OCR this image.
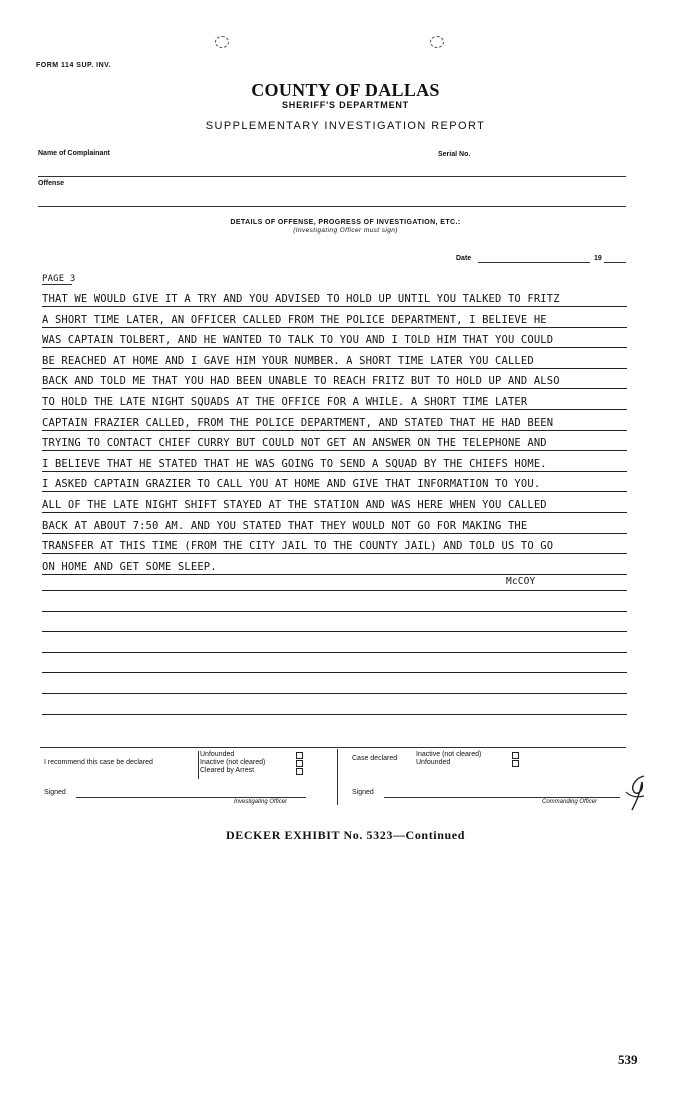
FORM 114 SUP. INV.
COUNTY OF DALLAS
SHERIFF'S DEPARTMENT
SUPPLEMENTARY INVESTIGATION REPORT
Name of Complainant	Serial No.
Offense
DETAILS OF OFFENSE, PROGRESS OF INVESTIGATION, ETC.:
(Investigating Officer must sign)
Date	19
PAGE 3
THAT WE WOULD GIVE IT A TRY AND YOU ADVISED TO HOLD UP UNTIL YOU TALKED TO FRITZ
A SHORT TIME LATER, AN OFFICER CALLED FROM THE POLICE DEPARTMENT, I BELIEVE HE
WAS CAPTAIN TOLBERT, AND HE WANTED TO TALK TO YOU AND I TOLD HIM THAT YOU COULD
BE REACHED AT HOME AND I GAVE HIM YOUR NUMBER. A SHORT TIME LATER YOU CALLED
BACK AND TOLD ME THAT YOU HAD BEEN UNABLE TO REACH FRITZ BUT TO HOLD UP AND ALSO
TO HOLD THE LATE NIGHT SQUADS AT THE OFFICE FOR A WHILE. A SHORT TIME LATER
CAPTAIN FRAZIER CALLED, FROM THE POLICE DEPARTMENT, AND STATED THAT HE HAD BEEN
TRYING TO CONTACT CHIEF CURRY BUT COULD NOT GET AN ANSWER ON THE TELEPHONE AND
I BELIEVE THAT HE STATED THAT HE WAS GOING TO SEND A SQUAD BY THE CHIEFS HOME.
I ASKED CAPTAIN GRAZIER TO CALL YOU AT HOME AND GIVE THAT INFORMATION TO YOU.
ALL OF THE LATE NIGHT SHIFT STAYED AT THE STATION AND WAS HERE WHEN YOU CALLED
BACK AT ABOUT 7:50 AM. AND YOU STATED THAT THEY WOULD NOT GO FOR MAKING THE
TRANSFER AT THIS TIME (FROM THE CITY JAIL TO THE COUNTY JAIL) AND TOLD US TO GO
ON HOME AND GET SOME SLEEP.
McCOY
I recommend this case be declared
Unfounded
Inactive (not cleared)
Cleared by Arrest
Case declared
Inactive (not cleared)
Unfounded
Signed
Investigating Officer
Signed
Commanding Officer
DECKER EXHIBIT No. 5323—Continued
539
